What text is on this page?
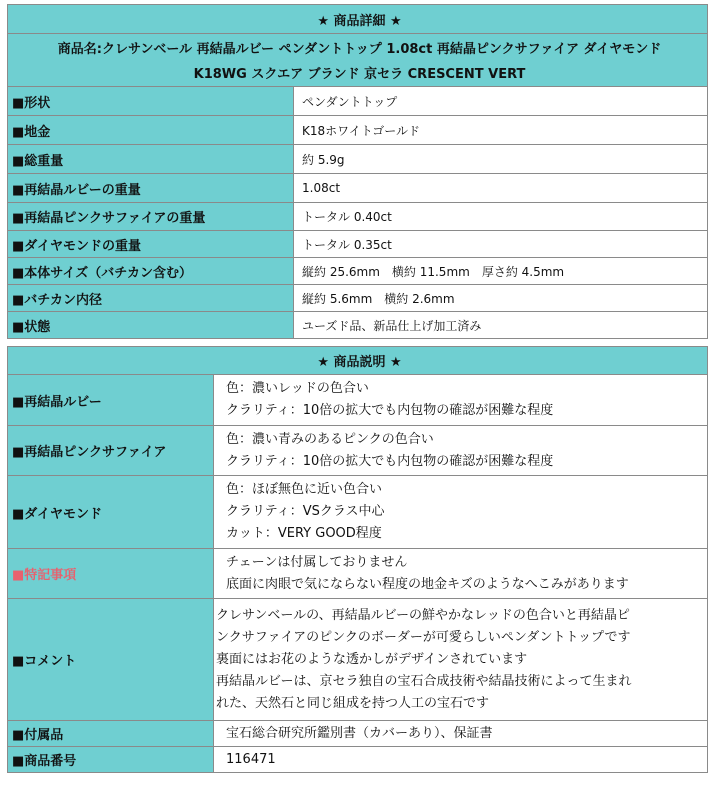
★ 商品詳細 ★	

商品名:クレサンベール 再結晶ルビー ペンダントトップ 1.08ct 再結晶ピンクサファイア ダイヤモンド
K18WG スクエア ブランド 京セラ CRESCENT VERT	

■形状	ペンダントトップ
■地金	K18ホワイトゴールド
■総重量	約 5.9g
■再結晶ルビーの重量	1.08ct
■再結晶ピンクサファイアの重量	トータル 0.40ct
■ダイヤモンドの重量	トータル 0.35ct
■本体サイズ（バチカン含む）	縦約 25.6mm　横約 11.5mm　厚さ約 4.5mm
■バチカン内径	縦約 5.6mm　横約 2.6mm
■状態	ユーズド品、新品仕上げ加工済み
★ 商品説明 ★	
■再結晶ルビー	色：濃いレッドの色合い
クラリティ：10倍の拡大でも内包物の確認が困難な程度

■再結晶ピンクサファイア	色：濃い青みのあるピンクの色合い
クラリティ：10倍の拡大でも内包物の確認が困難な程度

■ダイヤモンド	色：ほぼ無色に近い色合い
クラリティ：VSクラス中心
カット：VERY GOOD程度

■特記事項	チェーンは付属しておりません
底面に肉眼で気にならない程度の地金キズのようなへこみがあります

■コメント	クレサンベールの、再結晶ルビーの鮮やかなレッドの色合いと再結晶ピ
ンクサファイアのピンクのボーダーが可愛らしいペンダントトップです
裏面にはお花のような透かしがデザインされています
再結晶ルビーは、京セラ独自の宝石合成技術や結晶技術によって生まれ
れた、天然石と同じ組成を持つ人工の宝石です

■付属品	宝石総合研究所鑑別書（カバーあり）、保証書
■商品番号	116471
